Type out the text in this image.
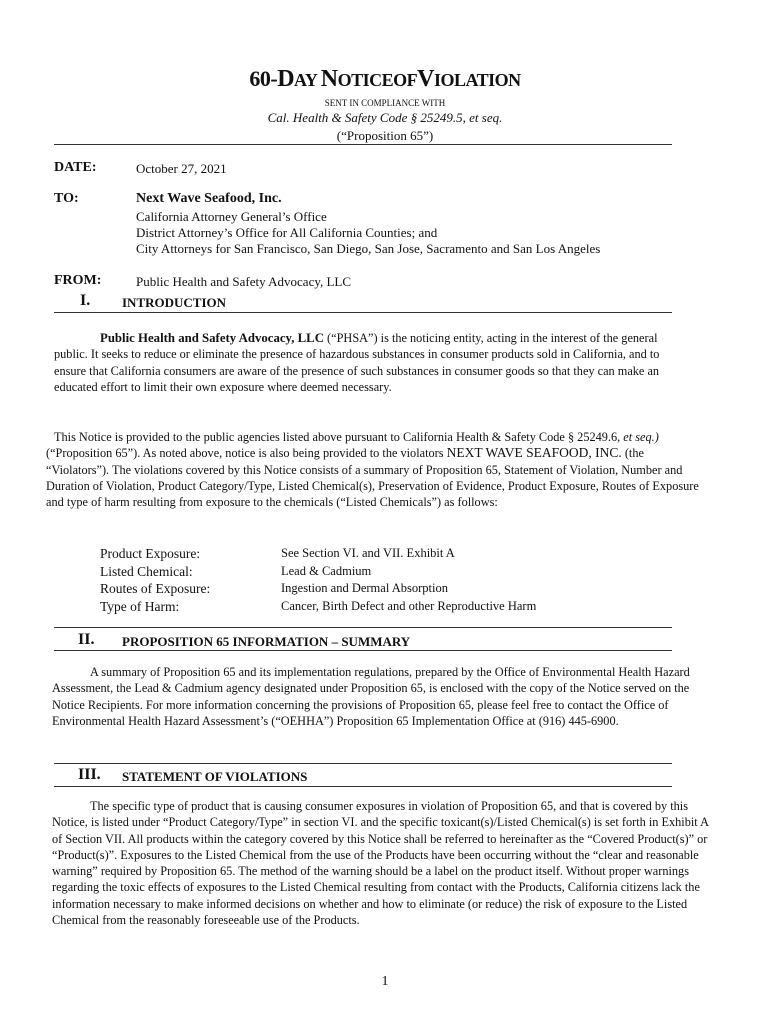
60-DAY NOTICEOFVIOLATION
SENT IN COMPLIANCE WITH
Cal. Health & Safety Code § 25249.5, et seq.
(“Proposition 65”)
DATE:	October 27, 2021
TO:	Next Wave Seafood, Inc.
California Attorney General’s Office
District Attorney’s Office for All California Counties; and
City Attorneys for San Francisco, San Diego, San Jose, Sacramento and San Los Angeles
FROM:	Public Health and Safety Advocacy, LLC
I. INTRODUCTION

Public Health and Safety Advocacy, LLC (“PHSA”) is the noticing entity, acting in the interest of the general public. It seeks to reduce or eliminate the presence of hazardous substances in consumer products sold in California, and to ensure that California consumers are aware of the presence of such substances in consumer goods so that they can make an educated effort to limit their own exposure where deemed necessary.

This Notice is provided to the public agencies listed above pursuant to California Health & Safety Code § 25249.6, et seq.) (“Proposition 65”). As noted above, notice is also being provided to the violators NEXT WAVE SEAFOOD, INC. (the “Violators”). The violations covered by this Notice consists of a summary of Proposition 65, Statement of Violation, Number and Duration of Violation, Product Category/Type, Listed Chemical(s), Preservation of Evidence, Product Exposure, Routes of Exposure and type of harm resulting from exposure to the chemicals (“Listed Chemicals”) as follows:

Product Exposure:	See Section VI. and VII. Exhibit A
Listed Chemical:	Lead & Cadmium
Routes of Exposure:	Ingestion and Dermal Absorption
Type of Harm:	Cancer, Birth Defect and other Reproductive Harm
II. PROPOSITION 65 INFORMATION – SUMMARY

A summary of Proposition 65 and its implementation regulations, prepared by the Office of Environmental Health Hazard Assessment, the Lead & Cadmium agency designated under Proposition 65, is enclosed with the copy of the Notice served on the Notice Recipients. For more information concerning the provisions of Proposition 65, please feel free to contact the Office of Environmental Health Hazard Assessment’s (“OEHHA”) Proposition 65 Implementation Office at (916) 445-6900.

III. STATEMENT OF VIOLATIONS

The specific type of product that is causing consumer exposures in violation of Proposition 65, and that is covered by this Notice, is listed under “Product Category/Type” in section VI. and the specific toxicant(s)/Listed Chemical(s) is set forth in Exhibit A of Section VII. All products within the category covered by this Notice shall be referred to hereinafter as the “Covered Product(s)” or “Product(s)”. Exposures to the Listed Chemical from the use of the Products have been occurring without the “clear and reasonable warning” required by Proposition 65. The method of the warning should be a label on the product itself. Without proper warnings regarding the toxic effects of exposures to the Listed Chemical resulting from contact with the Products, California citizens lack the information necessary to make informed decisions on whether and how to eliminate (or reduce) the risk of exposure to the Listed Chemical from the reasonably foreseeable use of the Products.

1
